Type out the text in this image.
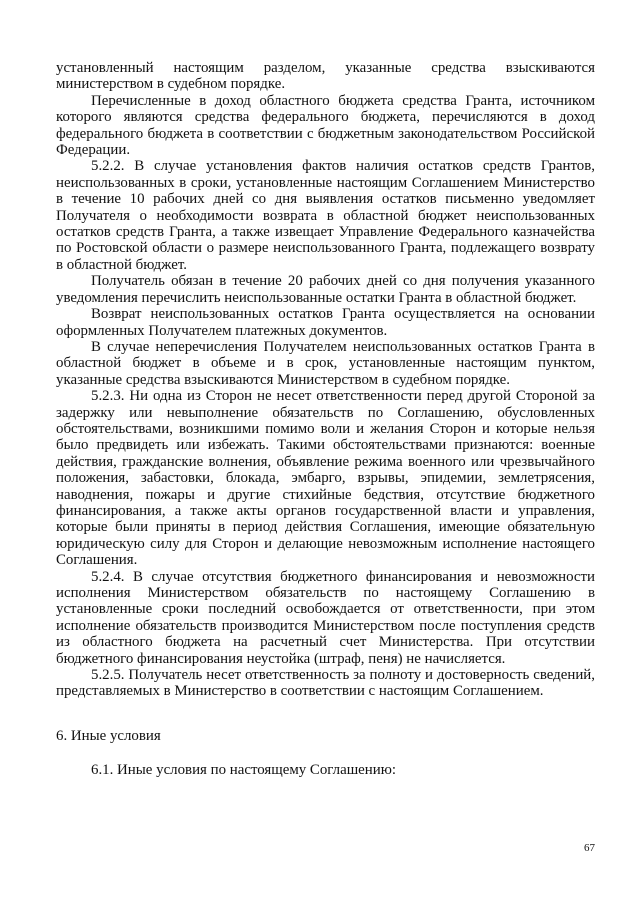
установленный настоящим разделом, указанные средства взыскиваются министерством в судебном порядке.

Перечисленные в доход областного бюджета средства Гранта, источником которого являются средства федерального бюджета, перечисляются в доход федерального бюджета в соответствии с бюджетным законодательством Российской Федерации.

5.2.2. В случае установления фактов наличия остатков средств Грантов, неиспользованных в сроки, установленные настоящим Соглашением Министерство в течение 10 рабочих дней со дня выявления остатков письменно уведомляет Получателя о необходимости возврата в областной бюджет неиспользованных остатков средств Гранта, а также извещает Управление Федерального казначейства по Ростовской области о размере неиспользованного Гранта, подлежащего возврату в областной бюджет.

Получатель обязан в течение 20 рабочих дней со дня получения указанного уведомления перечислить неиспользованные остатки Гранта в областной бюджет.

Возврат неиспользованных остатков Гранта осуществляется на основании оформленных Получателем платежных документов.

В случае неперечисления Получателем неиспользованных остатков Гранта в областной бюджет в объеме и в срок, установленные настоящим пунктом, указанные средства взыскиваются Министерством в судебном порядке.

5.2.3. Ни одна из Сторон не несет ответственности перед другой Стороной за задержку или невыполнение обязательств по Соглашению, обусловленных обстоятельствами, возникшими помимо воли и желания Сторон и которые нельзя было предвидеть или избежать. Такими обстоятельствами признаются: военные действия, гражданские волнения, объявление режима военного или чрезвычайного положения, забастовки, блокада, эмбарго, взрывы, эпидемии, землетрясения, наводнения, пожары и другие стихийные бедствия, отсутствие бюджетного финансирования, а также акты органов государственной власти и управления, которые были приняты в период действия Соглашения, имеющие обязательную юридическую силу для Сторон и делающие невозможным исполнение настоящего Соглашения.

5.2.4. В случае отсутствия бюджетного финансирования и невозможности исполнения Министерством обязательств по настоящему Соглашению в установленные сроки последний освобождается от ответственности, при этом исполнение обязательств производится Министерством после поступления средств из областного бюджета на расчетный счет Министерства. При отсутствии бюджетного финансирования неустойка (штраф, пеня) не начисляется.

5.2.5. Получатель несет ответственность за полноту и достоверность сведений, представляемых в Министерство в соответствии с настоящим Соглашением.

6. Иные условия

6.1. Иные условия по настоящему Соглашению:

67
